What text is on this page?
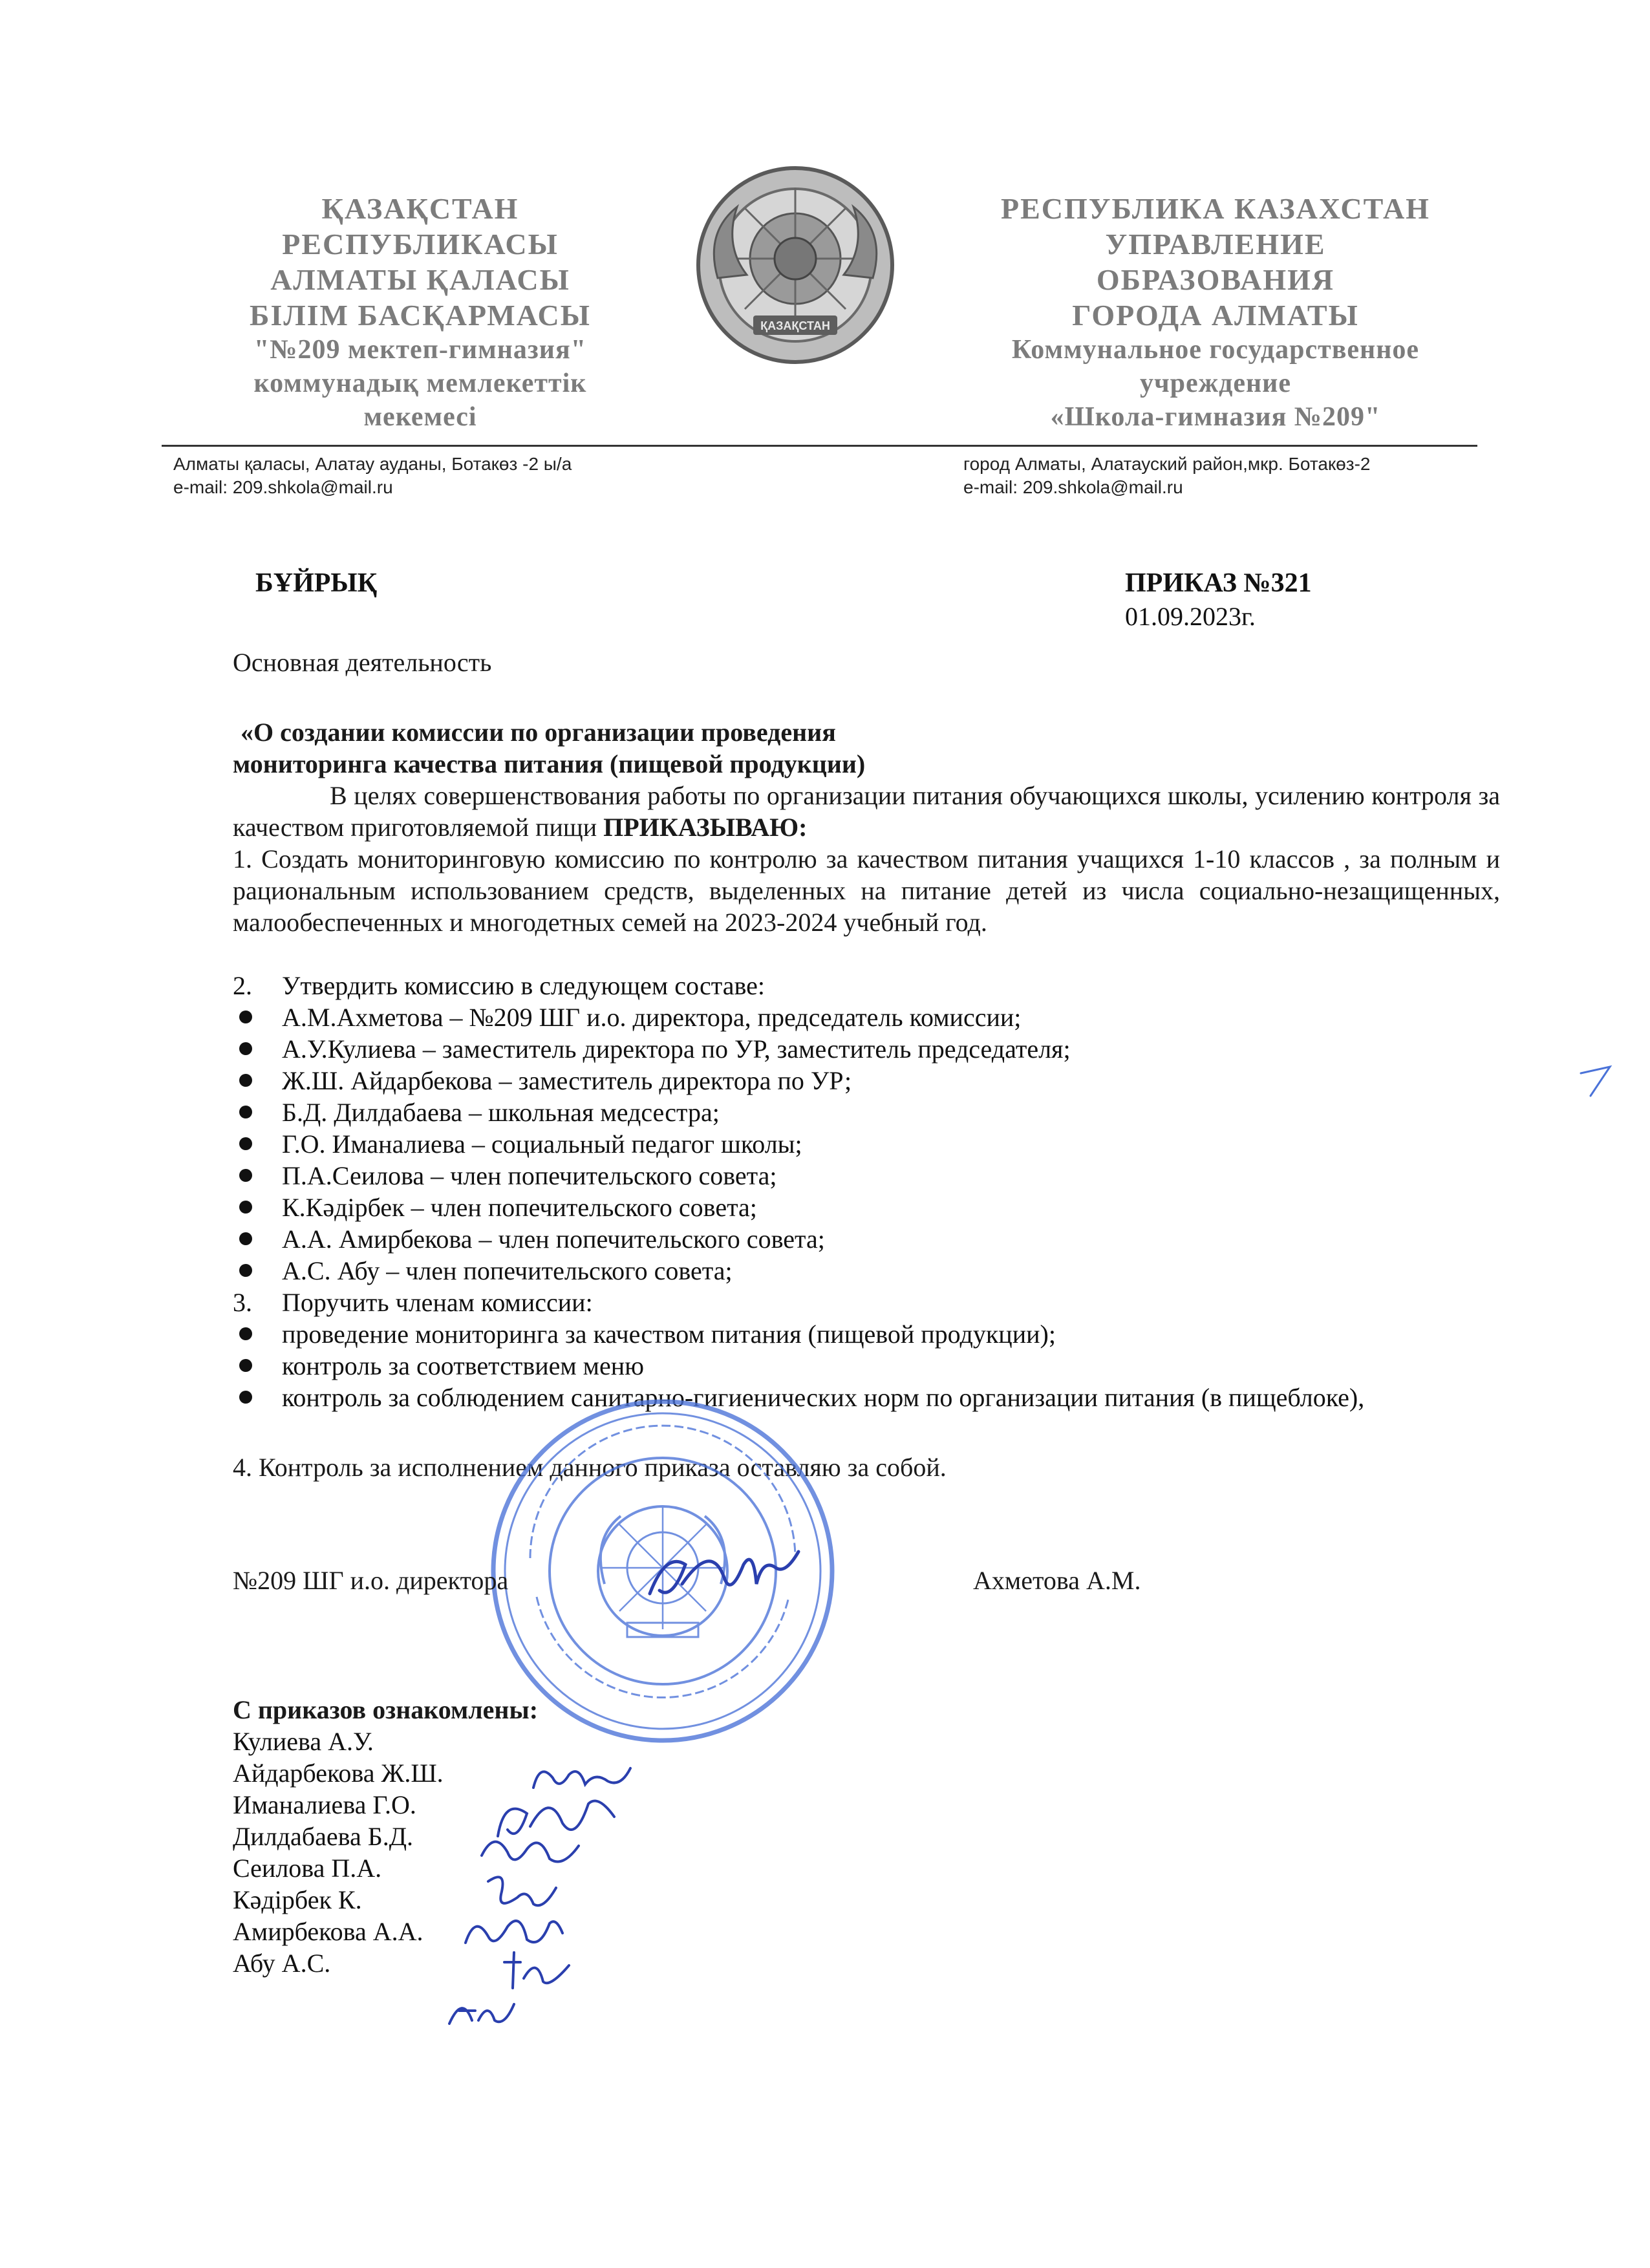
ҚАЗАҚСТАН
РЕСПУБЛИКАСЫ
АЛМАТЫ ҚАЛАСЫ
БІЛІМ БАСҚАРМАСЫ
"№209 мектеп-гимназия"
коммунадық мемлекеттік
мекемесі
ҚАЗАҚСТАН
РЕСПУБЛИКА КАЗАХСТАН
УПРАВЛЕНИЕ
ОБРАЗОВАНИЯ
ГОРОДА АЛМАТЫ
Коммунальное государственное
учреждение
«Школа-гимназия №209"
Алматы қаласы, Алатау ауданы, Ботакөз -2 ы/а
e-mail: 209.shkola@mail.ru
город Алматы, Алатауский район,мкр. Ботакөз-2
e-mail: 209.shkola@mail.ru
БҰЙРЫҚ	ПРИКАЗ №321
01.09.2023г.
Основная деятельность
«О создании комиссии по организации проведения
мониторинга качества питания (пищевой продукции)
В целях совершенствования работы по организации питания обучающихся школы, усилению контроля за качеством приготовляемой пищи ПРИКАЗЫВАЮ:
1. Создать мониторинговую комиссию по контролю за качеством питания учащихся 1-10 классов , за полным и рациональным использованием средств, выделенных на питание детей из числа социально-незащищенных, малообеспеченных и многодетных семей на 2023-2024 учебный год.
2. Утвердить комиссию в следующем составе:
А.М.Ахметова – №209 ШГ и.о. директора, председатель комиссии;
А.У.Кулиева – заместитель директора по УР, заместитель председателя;
Ж.Ш. Айдарбекова – заместитель директора по УР;
Б.Д. Дилдабаева – школьная медсестра;
Г.О. Иманалиева – социальный педагог школы;
П.А.Сеилова – член попечительского совета;
К.Кәдірбек – член попечительского совета;
А.А. Амирбекова – член попечительского совета;
А.С. Абу – член попечительского совета;
3. Поручить членам комиссии:
проведение мониторинга за качеством питания (пищевой продукции);
контроль за соответствием меню
контроль за соблюдением санитарно-гигиенических норм по организации питания (в пищеблоке),
4. Контроль за исполнением данного приказа оставляю за собой.
№209 ШГ и.о. директора	Ахметова А.М.
С приказов ознакомлены:
Кулиева А.У.
Айдарбекова Ж.Ш.
Иманалиева Г.О.
Дилдабаева Б.Д.
Сеилова П.А.
Кәдірбек К.
Амирбекова А.А.
Абу А.С.
